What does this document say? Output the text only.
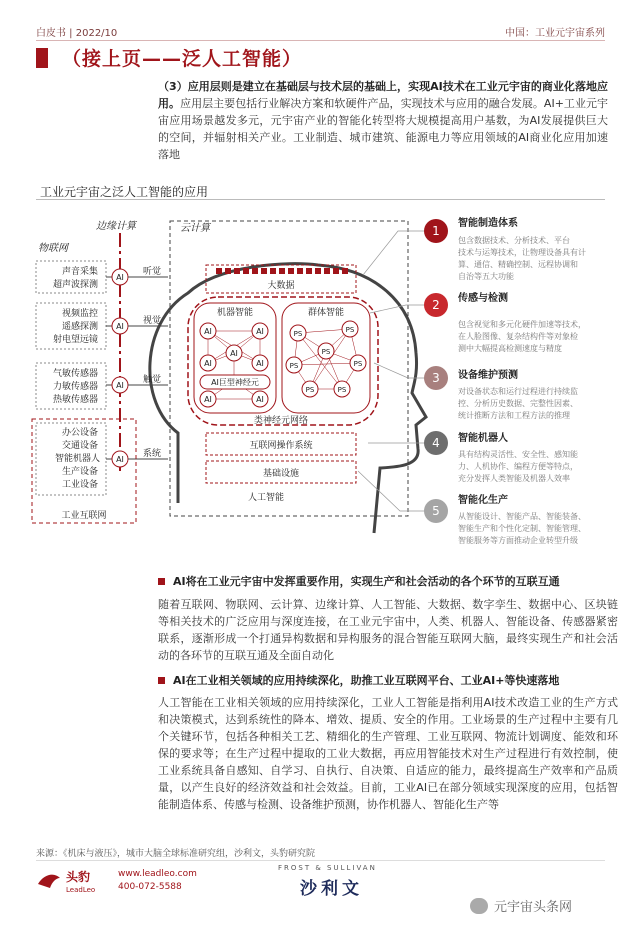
白皮书 | 2022/10	中国：工业元宇宙系列
（接上页——泛人工智能）

（3）应用层则是建立在基础层与技术层的基础上，实现AI技术在工业元宇宙的商业化落地应用。应用层主要包括行业解决方案和软硬件产品，实现技术与应用的融合发展。AI+工业元宇宙应用场景越发多元，元宇宙产业的智能化转型将大规模提高用户基数，为AI发展提供巨大的空间，并辐射相关产业。工业制造、城市建筑、能源电力等应用领域的AI商业化应用加速落地

工业元宇宙之泛人工智能的应用
云计算
边缘计算
物联网
大数据
机器智能	群体智能
AI	AI
AI
AI	AI
AI	AI
AI巨型神经元
PS	PS
PS
PS	PS
PS	PS
类神经元网络
互联网操作系统
基础设施
人工智能
声音采集
超声波探测
AI
听觉
视频监控
遥感探测
射电望远镜
AI
视觉
气敏传感器
力敏传感器
热敏传感器
AI
触觉
办公设备
交通设备
智能机器人
生产设备
工业设备
AI
系统
工业互联网
1
智能制造体系
包含数据技术、分析技术、平台
技术与运筹技术，让物理设备具有计
算、通信、精确控制、远程协调和
自治等五大功能
2 传感与检测
包含视觉和多元化硬件加速等技术，
在人脸图像、复杂结构件等对象检
测中大幅提高检测速度与精度
3 设备维护预测
对设备状态和运行过程进行持续监
控、分析历史数据、完整性因素、
统计推断方法和工程方法的推理
4 智能机器人
具有结构灵活性、安全性、感知能
力、人机协作、编程方便等特点，
充分发挥人类智能及机器人效率
5
智能化生产
从智能设计、智能产品、智能装备、
智能生产和个性化定制、智能管理、
智能服务等方面推动企业转型升级
AI将在工业元宇宙中发挥重要作用，实现生产和社会活动的各个环节的互联互通

随着互联网、物联网、云计算、边缘计算、人工智能、大数据、数字孪生、数据中心、区块链等相关技术的广泛应用与深度连接，在工业元宇宙中，人类、机器人、智能设备、传感器紧密联系，逐渐形成一个打通异构数据和异构服务的混合智能互联网大脑，最终实现生产和社会活动的各环节的互联互通及全面自动化

AI在工业相关领域的应用持续深化，助推工业互联网平台、工业AI+等快速落地

人工智能在工业相关领域的应用持续深化，工业人工智能是指利用AI技术改造工业的生产方式和决策模式，达到系统性的降本、增效、提质、安全的作用。工业场景的生产过程中主要有几个关键环节，包括各种相关工艺、精细化的生产管理、工业互联网、物流计划调度、能效和环保的要求等；在生产过程中提取的工业大数据，再应用智能技术对生产过程进行有效控制，使工业系统具备自感知、自学习、自执行、自决策、自适应的能力，最终提高生产效率和产品质量，以产生良好的经济效益和社会效益。目前，工业AI已在部分领域实现深度的应用，包括智能制造体系、传感与检测、设备维护预测，协作机器人、智能化生产等

来源：《机床与液压》，城市大脑全球标准研究组，沙利文，头豹研究院
头豹
LeadLeo
www.leadleo.com
400-072-5588
FROST & SULLIVAN
沙利文
元宇宙头条网
